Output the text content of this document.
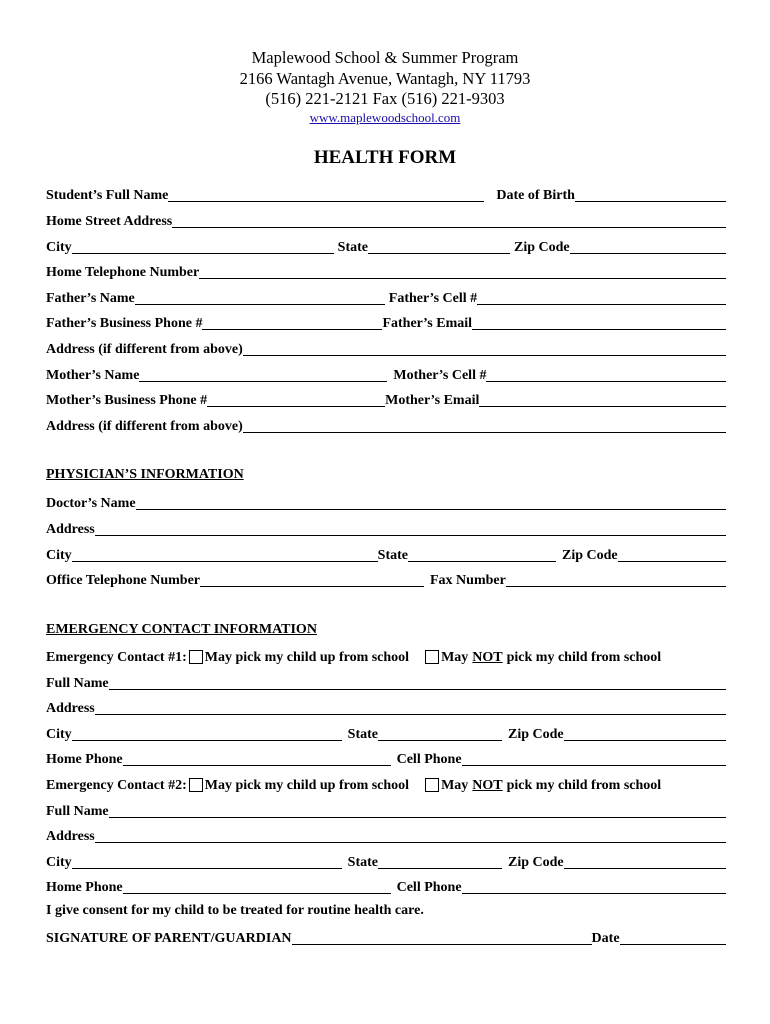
Maplewood School & Summer Program
2166 Wantagh Avenue, Wantagh, NY 11793
(516) 221-2121 Fax (516) 221-9303
www.maplewoodschool.com
HEALTH FORM
Student’s Full Name	Date of Birth
Home Street Address
City	State	Zip Code
Home Telephone Number
Father’s Name	Father’s Cell #
Father’s Business Phone #	Father’s Email
Address (if different from above)
Mother’s Name	Mother’s Cell #
Mother’s Business Phone #	Mother’s Email
Address (if different from above)
PHYSICIAN’S INFORMATION
Doctor’s Name
Address
City	State	Zip Code
Office Telephone Number	Fax Number
EMERGENCY CONTACT INFORMATION
Emergency Contact #1: May pick my child up from school May NOT pick my child from school
Full Name
Address
City	State	Zip Code
Home Phone	Cell Phone
Emergency Contact #2: May pick my child up from school May NOT pick my child from school
Full Name
Address
City	State	Zip Code
Home Phone	Cell Phone
I give consent for my child to be treated for routine health care.
SIGNATURE OF PARENT/GUARDIAN	Date
